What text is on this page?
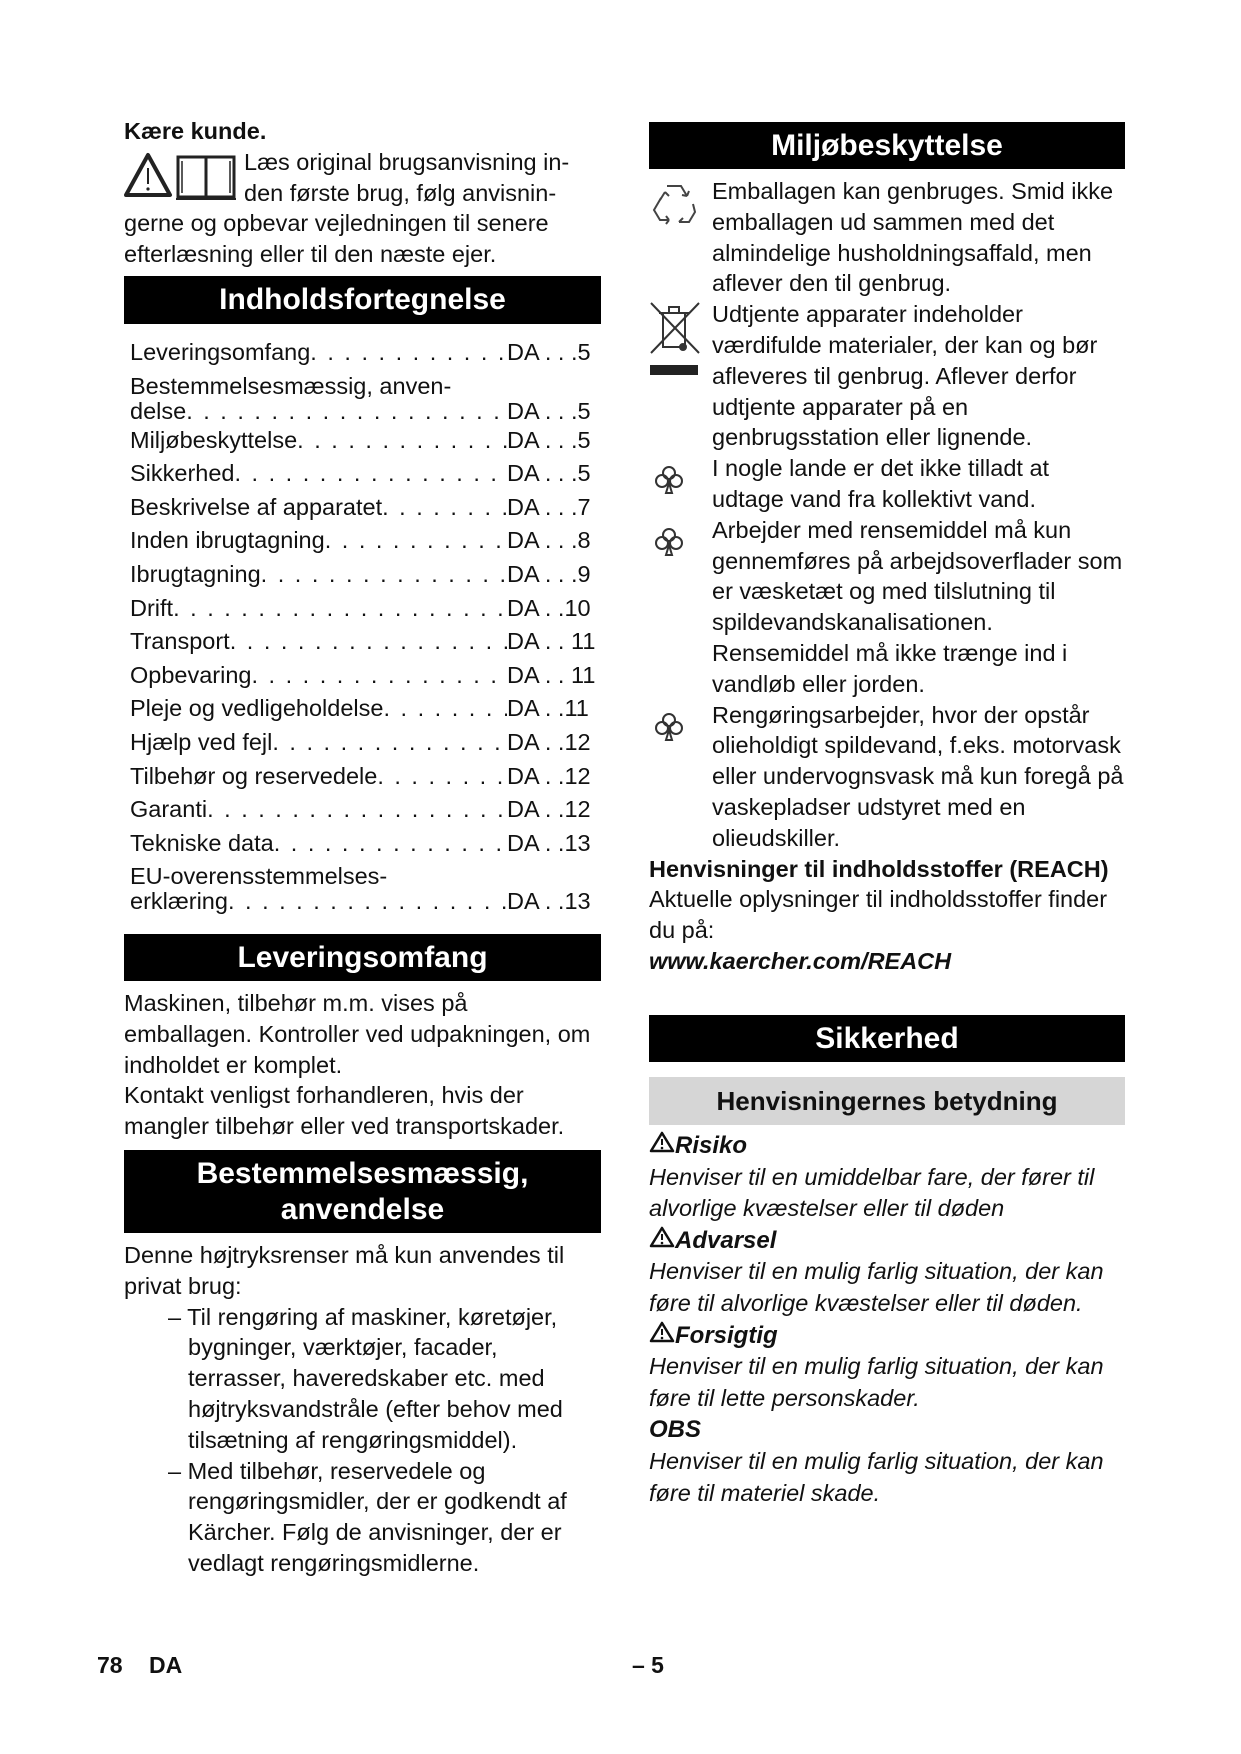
Kære kunde.
Læs original brugsanvisning in-
den første brug, følg anvisnin-
gerne og opbevar vejledningen til senere efterlæsning eller til den næste ejer.
Indholdsfortegnelse
Leveringsomfang . . .	DA . . .5
Bestemmelsesmæssig, anven-
delse . . .	DA . . .5
Miljøbeskyttelse . . .	DA . . .5
Sikkerhed . . .	DA . . .5
Beskrivelse af apparatet . . .	DA . . .7
Inden ibrugtagning . . .	DA . . .8
Ibrugtagning . . .	DA . . .9
Drift . . .	DA . .10
Transport . . .	DA . . 11
Opbevaring . . .	DA . . 11
Pleje og vedligeholdelse . . .	DA . .11
Hjælp ved fejl . . .	DA . .12
Tilbehør og reservedele . . .	DA . .12
Garanti . . .	DA . .12
Tekniske data . . .	DA . .13
EU-overensstemmelses-
erklæring . . .	DA . .13
Leveringsomfang
Maskinen, tilbehør m.m. vises på emballagen. Kontroller ved udpakningen, om indholdet er komplet.
Kontakt venligst forhandleren, hvis der mangler tilbehør eller ved transportskader.
Bestemmelsesmæssig,
anvendelse
Denne højtryksrenser må kun anvendes til privat brug:
– Til rengøring af maskiner, køretøjer, bygninger, værktøjer, facader, terrasser, haveredskaber etc. med højtryksvandstråle (efter behov med tilsætning af rengøringsmiddel).
– Med tilbehør, reservedele og rengøringsmidler, der er godkendt af Kärcher. Følg de anvisninger, der er vedlagt rengøringsmidlerne.
Miljøbeskyttelse
Emballagen kan genbruges. Smid ikke emballagen ud sammen med det almindelige husholdningsaffald, men aflever den til genbrug.
Udtjente apparater indeholder værdifulde materialer, der kan og bør afleveres til genbrug. Aflever derfor udtjente apparater på en genbrugsstation eller lignende.
I nogle lande er det ikke tilladt at udtage vand fra kollektivt vand.
Arbejder med rensemiddel må kun gennemføres på arbejdsoverflader som er væsketæt og med tilslutning til spildevandskanalisationen. Rensemiddel må ikke trænge ind i vandløb eller jorden.
Rengøringsarbejder, hvor der opstår olieholdigt spildevand, f.eks. motorvask eller undervognsvask må kun foregå på vaskepladser udstyret med en olieudskiller.
Henvisninger til indholdsstoffer (REACH)
Aktuelle oplysninger til indholdsstoffer finder du på:
www.kaercher.com/REACH
Sikkerhed
Henvisningernes betydning
Risiko
Henviser til en umiddelbar fare, der fører til alvorlige kvæstelser eller til døden
Advarsel
Henviser til en mulig farlig situation, der kan føre til alvorlige kvæstelser eller til døden.
Forsigtig
Henviser til en mulig farlig situation, der kan føre til lette personskader.
OBS
Henviser til en mulig farlig situation, der kan føre til materiel skade.
78 DA	– 5
